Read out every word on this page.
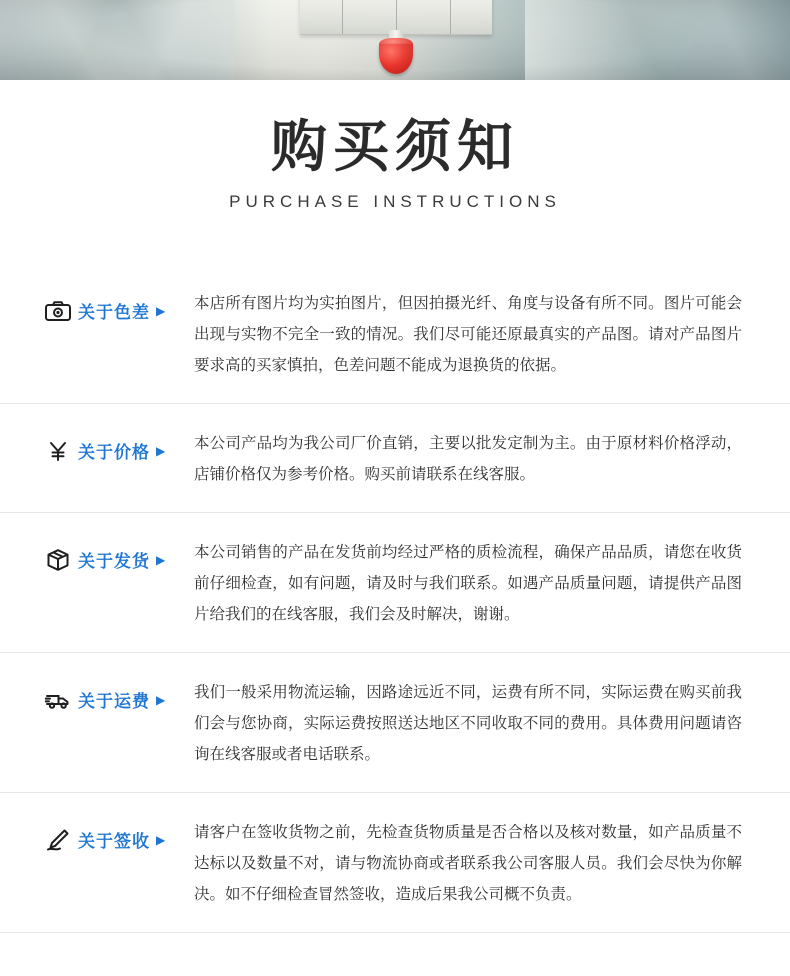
购买须知
PURCHASE INSTRUCTIONS
关于色差 ▶ 本店所有图片均为实拍图片，但因拍摄光纤、角度与设备有所不同。图片可能会出现与实物不完全一致的情况。我们尽可能还原最真实的产品图。请对产品图片要求高的买家慎拍，色差问题不能成为退换货的依据。
关于价格 ▶ 本公司产品均为我公司厂价直销，主要以批发定制为主。由于原材料价格浮动，店铺价格仅为参考价格。购买前请联系在线客服。
关于发货 ▶ 本公司销售的产品在发货前均经过严格的质检流程，确保产品品质，请您在收货前仔细检查，如有问题，请及时与我们联系。如遇产品质量问题，请提供产品图片给我们的在线客服，我们会及时解决，谢谢。
关于运费 ▶ 我们一般采用物流运输，因路途远近不同，运费有所不同，实际运费在购买前我们会与您协商，实际运费按照送达地区不同收取不同的费用。具体费用问题请咨询在线客服或者电话联系。
关于签收 ▶ 请客户在签收货物之前，先检查货物质量是否合格以及核对数量，如产品质量不达标以及数量不对，请与物流协商或者联系我公司客服人员。我们会尽快为你解决。如不仔细检查冒然签收，造成后果我公司概不负责。
